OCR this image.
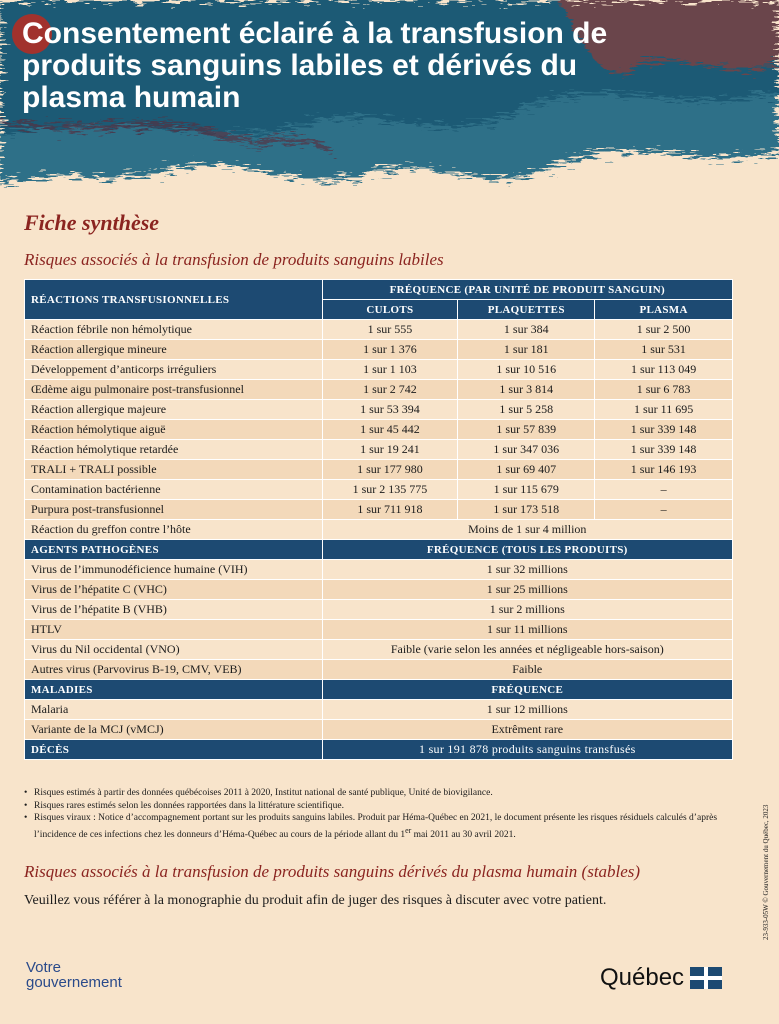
Consentement éclairé à la transfusion de produits sanguins labiles et dérivés du plasma humain
Fiche synthèse
Risques associés à la transfusion de produits sanguins labiles
RÉACTIONS TRANSFUSIONNELLES	FRÉQUENCE (PAR UNITÉ DE PRODUIT SANGUIN)		
	CULOTS	PLAQUETTES	PLASMA
Réaction fébrile non hémolytique	1 sur 555	1 sur 384	1 sur 2 500
Réaction allergique mineure	1 sur 1 376	1 sur 181	1 sur 531
Développement d’anticorps irréguliers	1 sur 1 103	1 sur 10 516	1 sur 113 049
Œdème aigu pulmonaire post-transfusionnel	1 sur 2 742	1 sur 3 814	1 sur 6 783
Réaction allergique majeure	1 sur 53 394	1 sur 5 258	1 sur 11 695
Réaction hémolytique aiguë	1 sur 45 442	1 sur 57 839	1 sur 339 148
Réaction hémolytique retardée	1 sur 19 241	1 sur 347 036	1 sur 339 148
TRALI + TRALI possible	1 sur 177 980	1 sur 69 407	1 sur 146 193
Contamination bactérienne	1 sur 2 135 775	1 sur 115 679	–
Purpura post-transfusionnel	1 sur 711 918	1 sur 173 518	–
Réaction du greffon contre l’hôte	Moins de 1 sur 4 million		
AGENTS PATHOGÈNES	FRÉQUENCE (TOUS LES PRODUITS)		
Virus de l’immunodéficience humaine (VIH)	1 sur 32 millions		
Virus de l’hépatite C (VHC)	1 sur 25 millions		
Virus de l’hépatite B (VHB)	1 sur 2 millions		
HTLV	1 sur 11 millions		
Virus du Nil occidental (VNO)	Faible (varie selon les années et négligeable hors-saison)		
Autres virus (Parvovirus B-19, CMV, VEB)	Faible		
MALADIES	FRÉQUENCE		
Malaria	1 sur 12 millions		
Variante de la MCJ (vMCJ)	Extrêment rare		
DÉCÈS	1 sur 191 878 produits sanguins transfusés		
• Risques estimés à partir des données québécoises 2011 à 2020, Institut national de santé publique, Unité de biovigilance.
• Risques rares estimés selon les données rapportées dans la littérature scientifique.
• Risques viraux : Notice d’accompagnement portant sur les produits sanguins labiles. Produit par Héma-Québec en 2021, le document présente les risques résiduels calculés d’après l’incidence de ces infections chez les donneurs d’Héma-Québec au cours de la période allant du 1er mai 2011 au 30 avril 2021.
Risques associés à la transfusion de produits sanguins dérivés du plasma humain (stables)

Veuillez vous référer à la monographie du produit afin de juger des risques à discuter avec votre patient.	23-933-05W © Gouvernement du Québec, 2023
Votre
gouvernement	Québec
